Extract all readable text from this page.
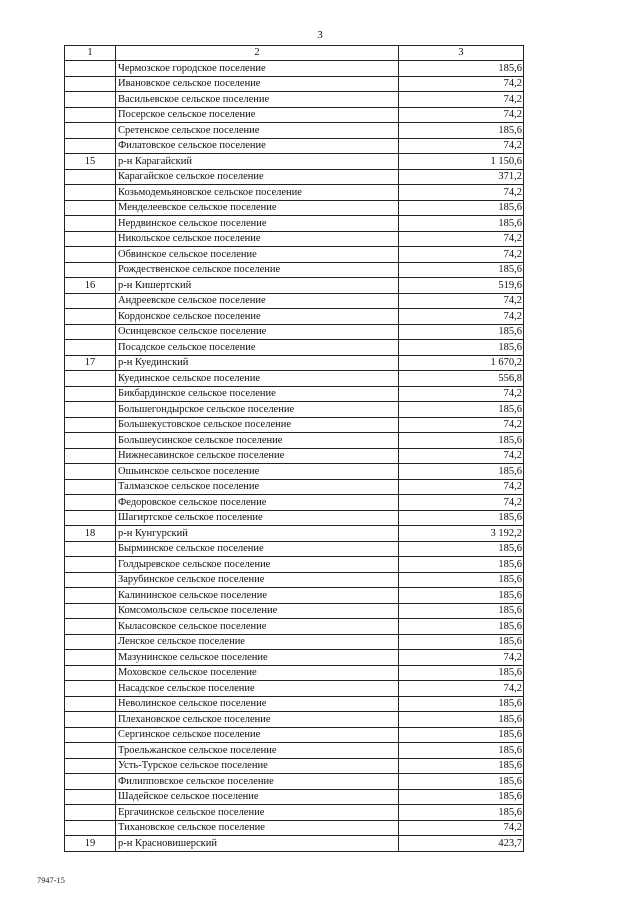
3
1	2	3
	Чермозское городское поселение	185,6
	Ивановское сельское поселение	74,2
	Васильевское сельское поселение	74,2
	Посерское сельское поселение	74,2
	Сретенское сельское поселение	185,6
	Филатовское сельское поселение	74,2
15	р-н Карагайский	1 150,6
	Карагайское сельское поселение	371,2
	Козьмодемьяновское сельское поселение	74,2
	Менделеевское сельское поселение	185,6
	Нердвинское сельское поселение	185,6
	Никольское сельское поселение	74,2
	Обвинское сельское поселение	74,2
	Рождественское сельское поселение	185,6
16	р-н Кишертский	519,6
	Андреевское сельское поселение	74,2
	Кордонское сельское поселение	74,2
	Осинцевское сельское поселение	185,6
	Посадское сельское поселение	185,6
17	р-н Куединский	1 670,2
	Куединское сельское поселение	556,8
	Бикбардинское сельское поселение	74,2
	Большегондырское сельское поселение	185,6
	Большекустовское сельское поселение	74,2
	Большеусинское сельское поселение	185,6
	Нижнесавинское сельское поселение	74,2
	Ошьинское сельское поселение	185,6
	Талмазское сельское поселение	74,2
	Федоровское сельское поселение	74,2
	Шагиртское сельское поселение	185,6
18	р-н Кунгурский	3 192,2
	Бырминское сельское поселение	185,6
	Голдыревское сельское поселение	185,6
	Зарубинское сельское поселение	185,6
	Калининское сельское поселение	185,6
	Комсомольское сельское поселение	185,6
	Кыласовское сельское поселение	185,6
	Ленское сельское поселение	185,6
	Мазунинское сельское поселение	74,2
	Моховское сельское поселение	185,6
	Насадское сельское поселение	74,2
	Неволинское сельское поселение	185,6
	Плехановское сельское поселение	185,6
	Сергинское сельское поселение	185,6
	Троельжанское сельское поселение	185,6
	Усть-Турское сельское поселение	185,6
	Филипповское сельское поселение	185,6
	Шадейское сельское поселение	185,6
	Ергачинское сельское поселение	185,6
	Тихановское сельское поселение	74,2
19	р-н Красновишерский	423,7
7947-15
